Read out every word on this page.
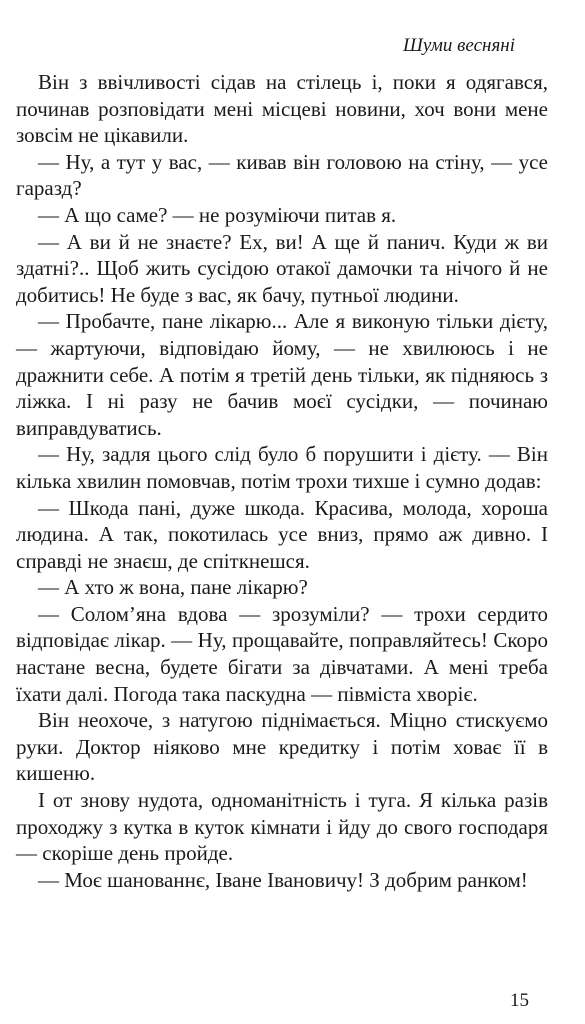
Шуми весняні

Він з ввічливості сідав на стілець і, поки я одягався, починав розповідати мені місцеві новини, хоч вони мене зовсім не цікавили.

— Ну, а тут у вас, — кивав він головою на стіну, — усе гаразд?

— А що саме? — не розуміючи питав я.

— А ви й не знаєте? Ех, ви! А ще й панич. Куди ж ви здатні?.. Щоб жить сусідою отакої дамочки та нічого й не добитись! Не буде з вас, як бачу, путньої людини.

— Пробачте, пане лікарю... Але я виконую тільки дієту, — жартуючи, відповідаю йому, — не хвилююсь і не дражнити себе. А потім я третій день тільки, як підняюсь з ліжка. І ні разу не бачив моєї сусідки, — починаю виправдуватись.

— Ну, задля цього слід було б порушити і дієту. — Він кілька хвилин помовчав, потім трохи тихше і сумно додав:

— Шкода пані, дуже шкода. Красива, молода, хороша людина. А так, покотилась усе вниз, прямо аж дивно. І справді не знаєш, де спіткнешся.

— А хто ж вона, пане лікарю?

— Солом’яна вдова — зрозуміли? — трохи сердито відповідає лікар. — Ну, прощавайте, поправляйтесь! Скоро настане весна, будете бігати за дівчатами. А мені треба їхати далі. Погода така паскудна — півміста хворіє.

Він неохоче, з натугою піднімається. Міцно стискуємо руки. Доктор ніяково мне кредитку і потім ховає її в кишеню.

І от знову нудота, одноманітність і туга. Я кілька разів проходжу з кутка в куток кімнати і йду до свого господаря — скоріше день пройде.

— Моє шанованнє, Іване Івановичу! З добрим ранком!

15
